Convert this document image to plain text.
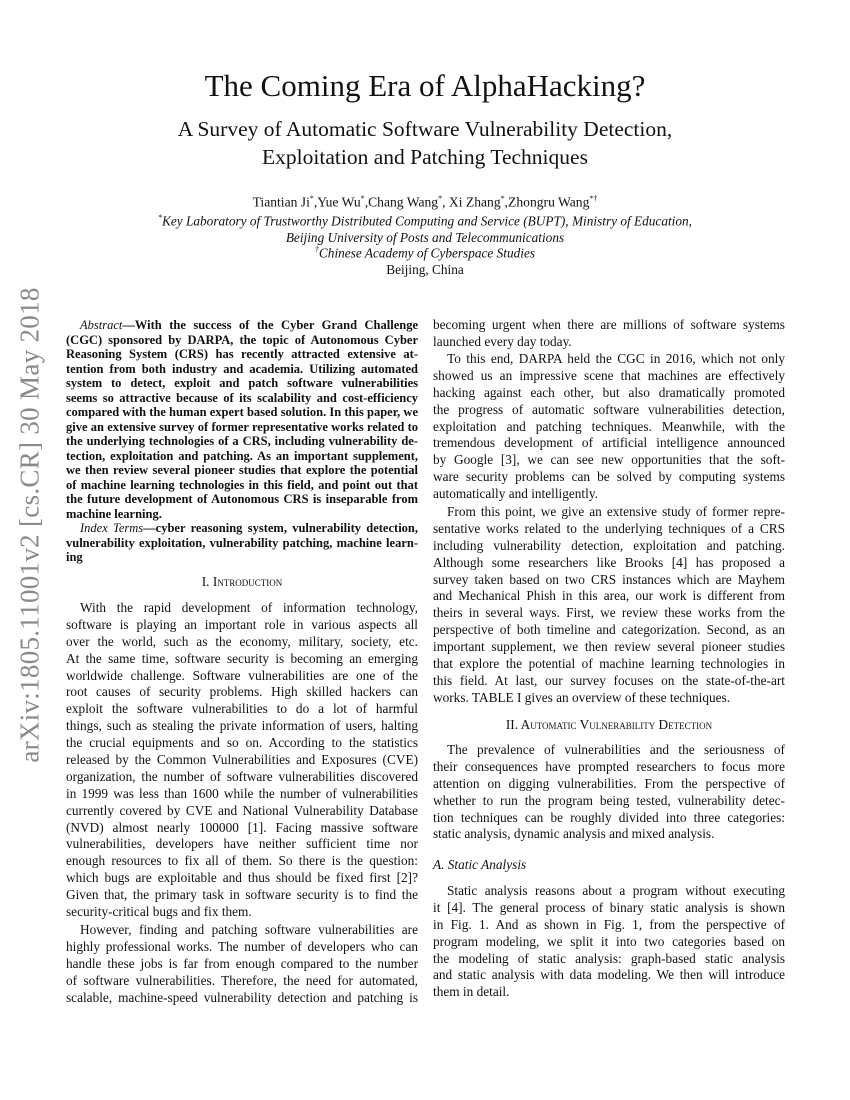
arXiv:1805.11001v2 [cs.CR] 30 May 2018
The Coming Era of AlphaHacking?
A Survey of Automatic Software Vulnerability Detection,
Exploitation and Patching Techniques
Tiantian Ji*,Yue Wu*,Chang Wang*, Xi Zhang*,Zhongru Wang*†
*Key Laboratory of Trustworthy Distributed Computing and Service (BUPT), Ministry of Education,
Beijing University of Posts and Telecommunications
†Chinese Academy of Cyberspace Studies
Beijing, China
Abstract—With the success of the Cyber Grand Challenge
(CGC) sponsored by DARPA, the topic of Autonomous Cyber
Reasoning System (CRS) has recently attracted extensive at-
tention from both industry and academia. Utilizing automated
system to detect, exploit and patch software vulnerabilities
seems so attractive because of its scalability and cost-efficiency
compared with the human expert based solution. In this paper, we
give an extensive survey of former representative works related to
the underlying technologies of a CRS, including vulnerability de-
tection, exploitation and patching. As an important supplement,
we then review several pioneer studies that explore the potential
of machine learning technologies in this field, and point out that
the future development of Autonomous CRS is inseparable from
machine learning.
Index Terms—cyber reasoning system, vulnerability detection,
vulnerability exploitation, vulnerability patching, machine learn-
ing
I. Introduction
With the rapid development of information technology,
software is playing an important role in various aspects all
over the world, such as the economy, military, society, etc.
At the same time, software security is becoming an emerging
worldwide challenge. Software vulnerabilities are one of the
root causes of security problems. High skilled hackers can
exploit the software vulnerabilities to do a lot of harmful
things, such as stealing the private information of users, halting
the crucial equipments and so on. According to the statistics
released by the Common Vulnerabilities and Exposures (CVE)
organization, the number of software vulnerabilities discovered
in 1999 was less than 1600 while the number of vulnerabilities
currently covered by CVE and National Vulnerability Database
(NVD) almost nearly 100000 [1]. Facing massive software
vulnerabilities, developers have neither sufficient time nor
enough resources to fix all of them. So there is the question:
which bugs are exploitable and thus should be fixed first [2]?
Given that, the primary task in software security is to find the
security-critical bugs and fix them.
However, finding and patching software vulnerabilities are
highly professional works. The number of developers who can
handle these jobs is far from enough compared to the number
of software vulnerabilities. Therefore, the need for automated,
scalable, machine-speed vulnerability detection and patching is
becoming urgent when there are millions of software systems
launched every day today.
To this end, DARPA held the CGC in 2016, which not only
showed us an impressive scene that machines are effectively
hacking against each other, but also dramatically promoted
the progress of automatic software vulnerabilities detection,
exploitation and patching techniques. Meanwhile, with the
tremendous development of artificial intelligence announced
by Google [3], we can see new opportunities that the soft-
ware security problems can be solved by computing systems
automatically and intelligently.
From this point, we give an extensive study of former repre-
sentative works related to the underlying techniques of a CRS
including vulnerability detection, exploitation and patching.
Although some researchers like Brooks [4] has proposed a
survey taken based on two CRS instances which are Mayhem
and Mechanical Phish in this area, our work is different from
theirs in several ways. First, we review these works from the
perspective of both timeline and categorization. Second, as an
important supplement, we then review several pioneer studies
that explore the potential of machine learning technologies in
this field. At last, our survey focuses on the state-of-the-art
works. TABLE I gives an overview of these techniques.
II. Automatic Vulnerability Detection
The prevalence of vulnerabilities and the seriousness of
their consequences have prompted researchers to focus more
attention on digging vulnerabilities. From the perspective of
whether to run the program being tested, vulnerability detec-
tion techniques can be roughly divided into three categories:
static analysis, dynamic analysis and mixed analysis.
A. Static Analysis
Static analysis reasons about a program without executing
it [4]. The general process of binary static analysis is shown
in Fig. 1. And as shown in Fig. 1, from the perspective of
program modeling, we split it into two categories based on
the modeling of static analysis: graph-based static analysis
and static analysis with data modeling. We then will introduce
them in detail.
